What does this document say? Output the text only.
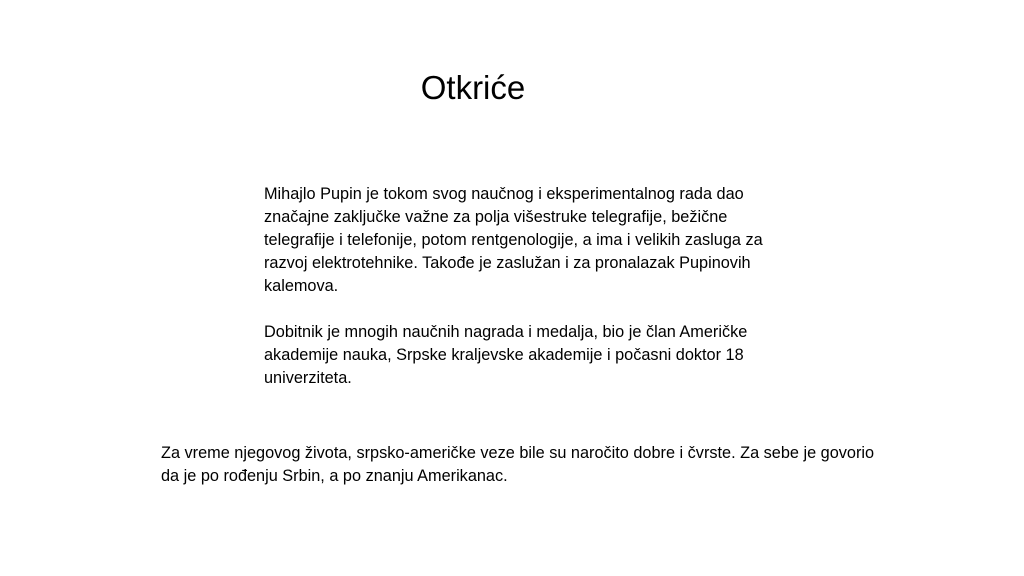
Otkriće

Mihajlo Pupin je tokom svog naučnog i eksperimentalnog rada dao značajne zaključke važne za polja višestruke telegrafije, bežične telegrafije i telefonije, potom rentgenologije, a ima i velikih zasluga za razvoj elektrotehnike. Takođe je zaslužan i za pronalazak Pupinovih kalemova.

Dobitnik je mnogih naučnih nagrada i medalja, bio je član Američke akademije nauka, Srpske kraljevske akademije i počasni doktor 18 univerziteta.

Za vreme njegovog života, srpsko-američke veze bile su naročito dobre i čvrste. Za sebe je govorio da je po rođenju Srbin, a po znanju Amerikanac.
